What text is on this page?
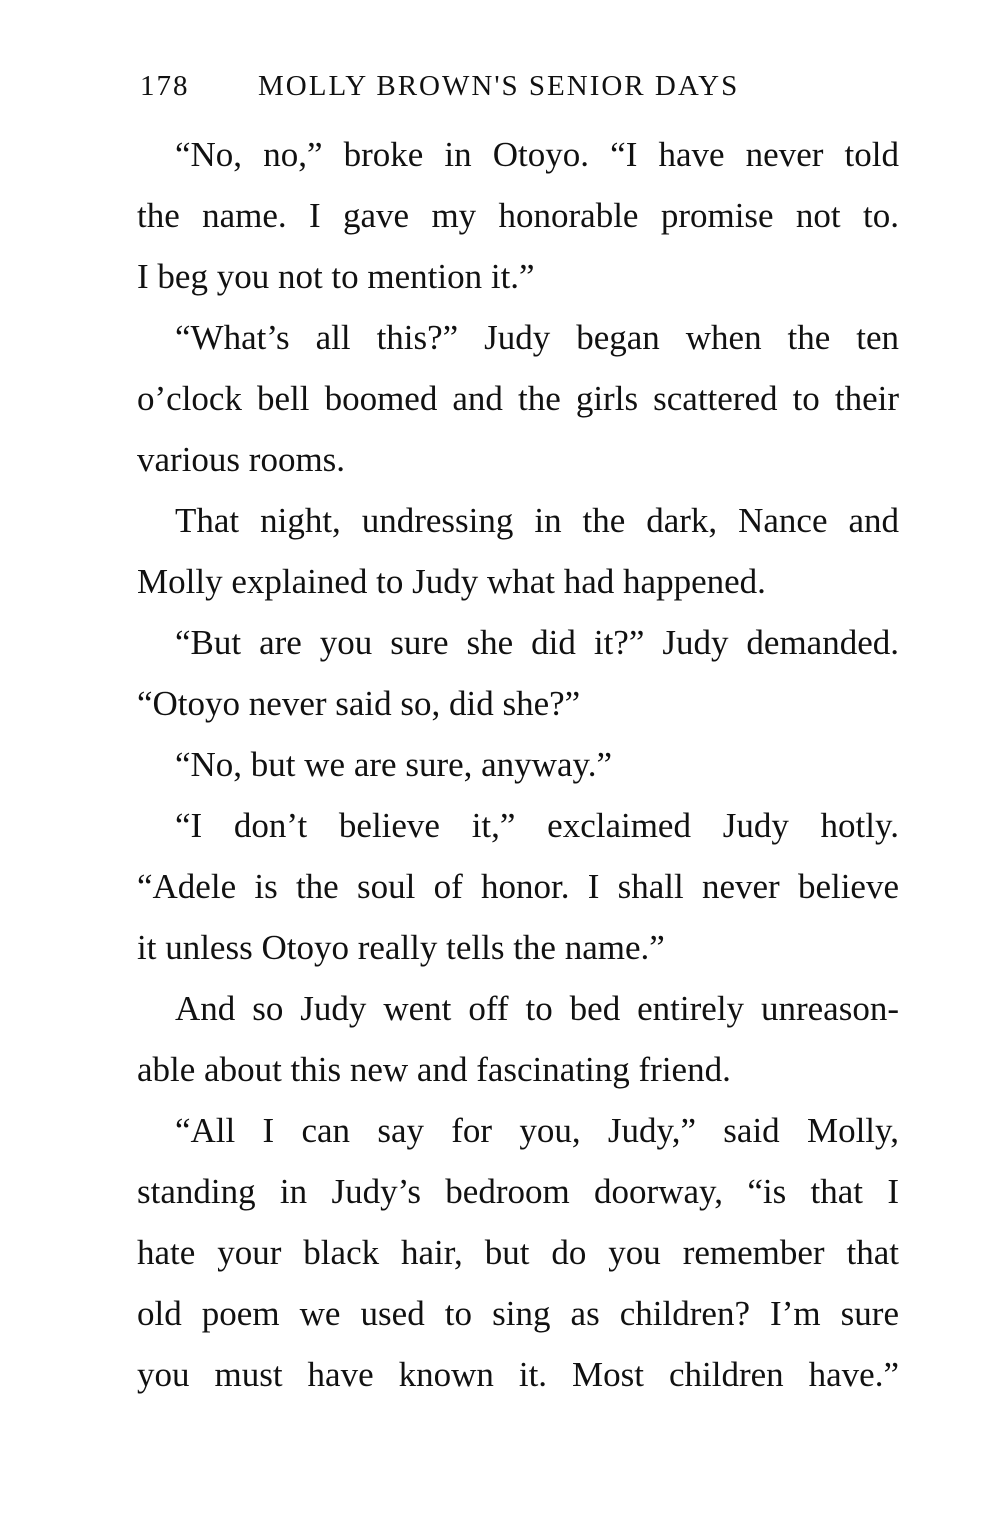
178 MOLLY BROWN'S SENIOR DAYS
“No, no,” broke in Otoyo. “I have never told
the name. I gave my honorable promise not to.
I beg you not to mention it.”
“What’s all this?” Judy began when the ten
o’clock bell boomed and the girls scattered to their
various rooms.
That night, undressing in the dark, Nance and
Molly explained to Judy what had happened.
“But are you sure she did it?” Judy demanded.
“Otoyo never said so, did she?”
“No, but we are sure, anyway.”
“I don’t believe it,” exclaimed Judy hotly.
“Adele is the soul of honor. I shall never believe
it unless Otoyo really tells the name.”
And so Judy went off to bed entirely unreason-
able about this new and fascinating friend.
“All I can say for you, Judy,” said Molly,
standing in Judy’s bedroom doorway, “is that I
hate your black hair, but do you remember that
old poem we used to sing as children? I’m sure
you must have known it. Most children have.”
